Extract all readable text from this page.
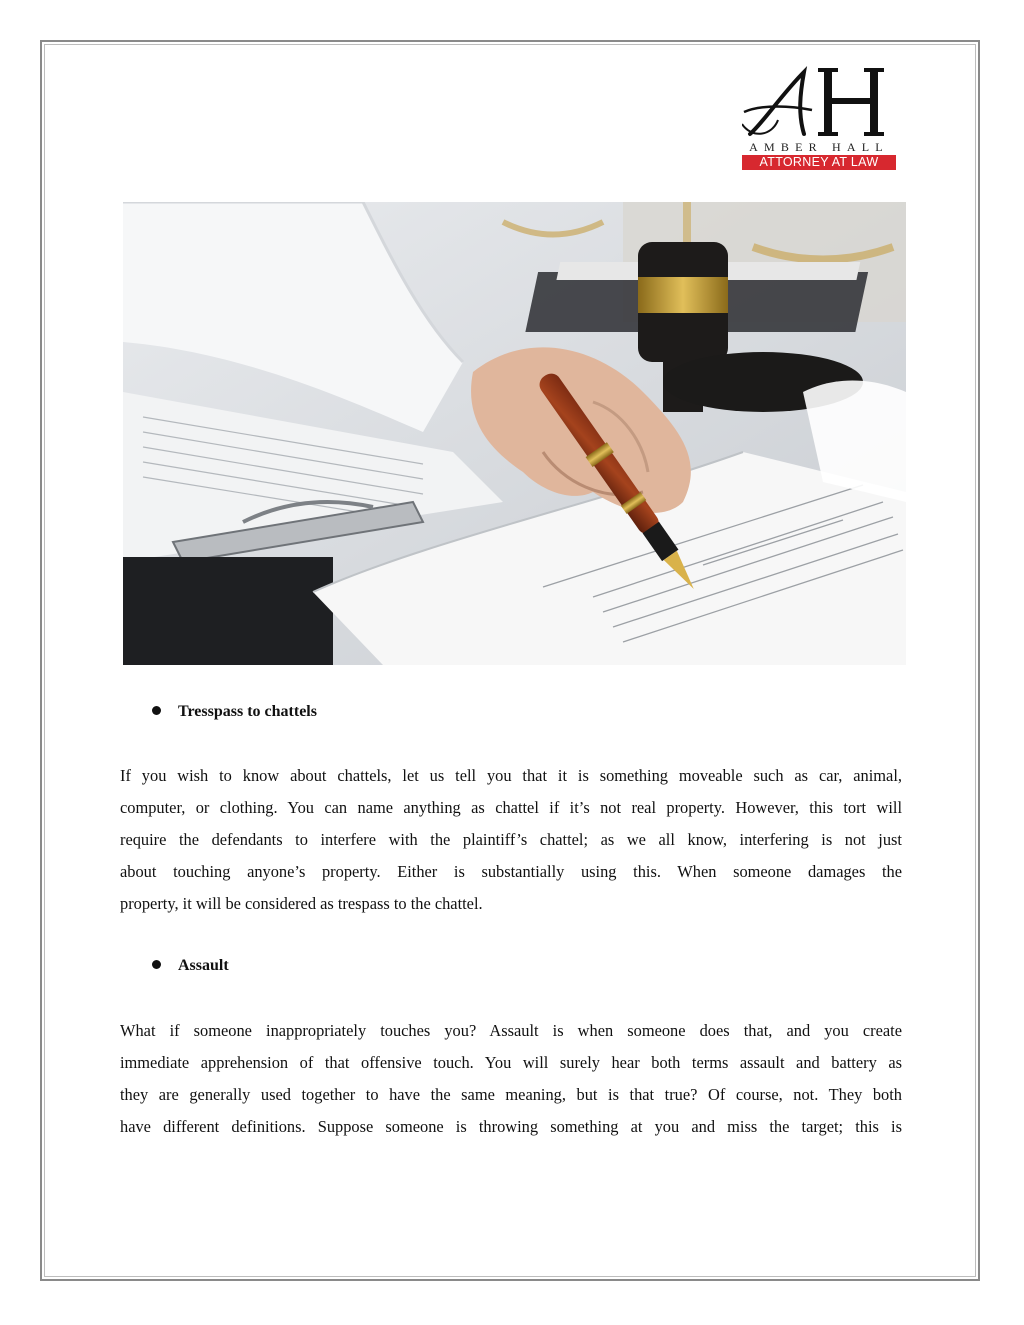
AMBER HALL
ATTORNEY AT LAW
Tresspass to chattels
If you wish to know about chattels, let us tell you that it is something moveable such as car, animal,
computer, or clothing. You can name anything as chattel if it’s not real property. However, this tort will
require the defendants to interfere with the plaintiff’s chattel; as we all know, interfering is not just
about touching anyone’s property. Either is substantially using this. When someone damages the
property, it will be considered as trespass to the chattel.
Assault
What if someone inappropriately touches you? Assault is when someone does that, and you create
immediate apprehension of that offensive touch. You will surely hear both terms assault and battery as
they are generally used together to have the same meaning, but is that true? Of course, not. They both
have different definitions. Suppose someone is throwing something at you and miss the target; this is
